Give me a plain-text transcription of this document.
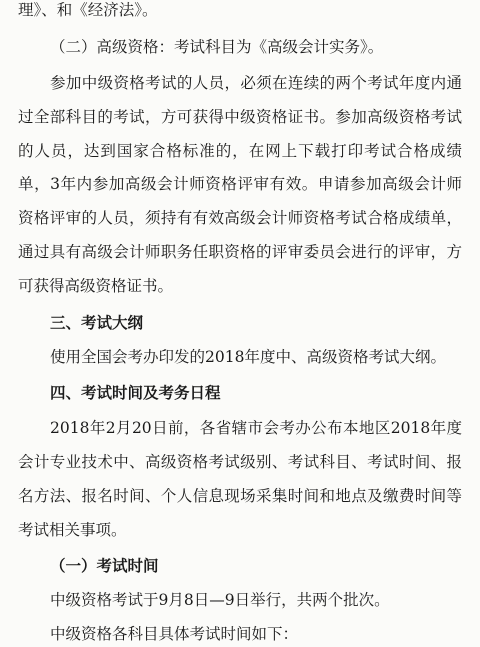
理》、和《经济法》。
（二）高级资格：考试科目为《高级会计实务》。
参加中级资格考试的人员，必须在连续的两个考试年度内通
过全部科目的考试，方可获得中级资格证书。参加高级资格考试
的人员，达到国家合格标准的，在网上下载打印考试合格成绩
单，3年内参加高级会计师资格评审有效。申请参加高级会计师
资格评审的人员，须持有有效高级会计师资格考试合格成绩单，
通过具有高级会计师职务任职资格的评审委员会进行的评审，方
可获得高级资格证书。
三、考试大纲
使用全国会考办印发的2018年度中、高级资格考试大纲。
四、考试时间及考务日程
2018年2月20日前，各省辖市会考办公布本地区2018年度
会计专业技术中、高级资格考试级别、考试科目、考试时间、报
名方法、报名时间、个人信息现场采集时间和地点及缴费时间等
考试相关事项。
（一）考试时间
中级资格考试于9月8日—9日举行，共两个批次。
中级资格各科目具体考试时间如下：
